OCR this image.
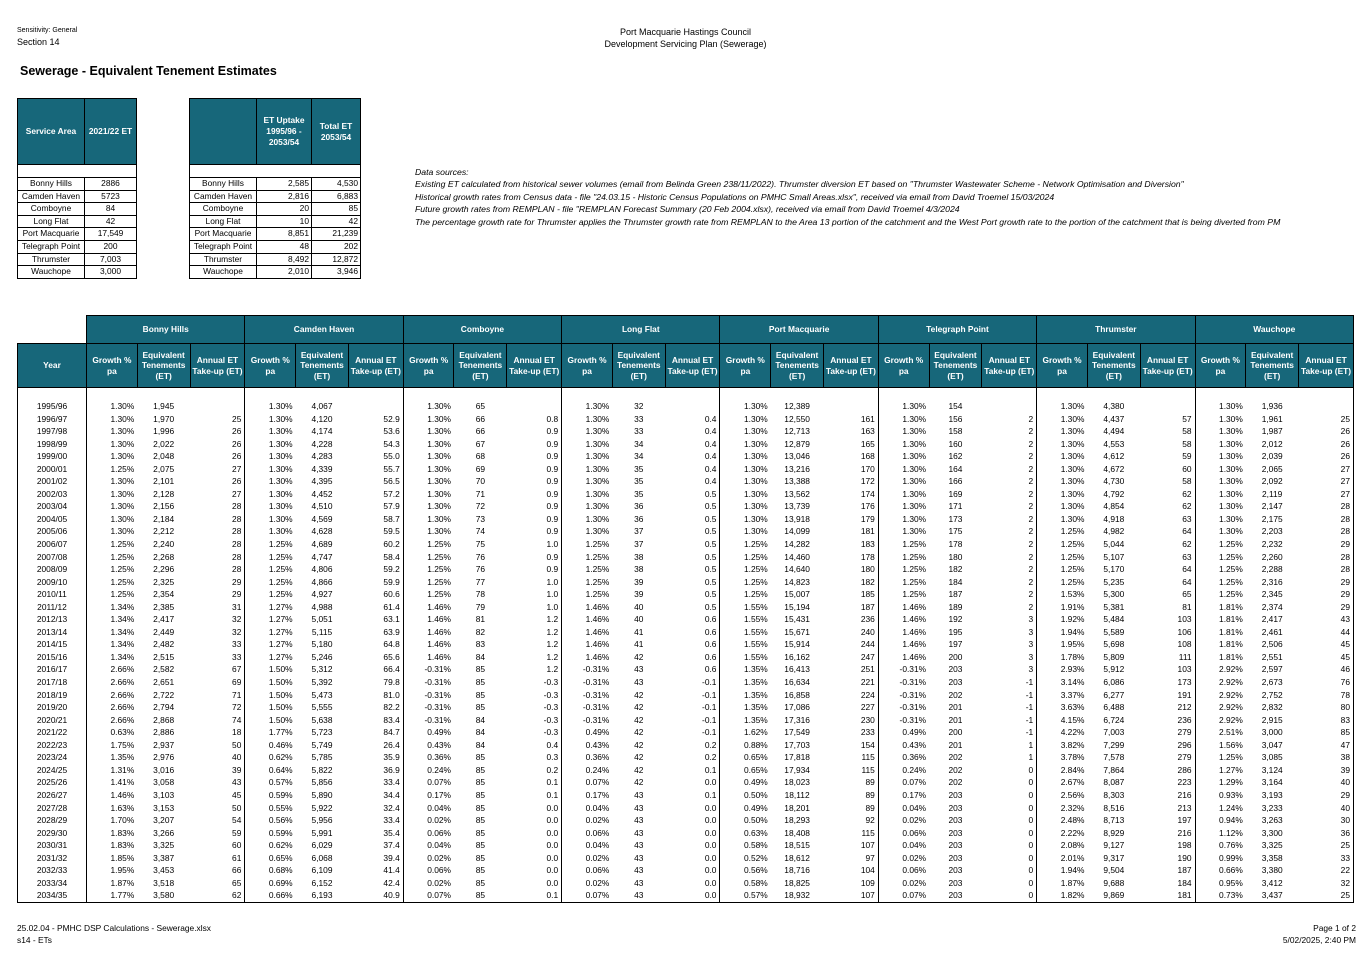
Sensitivity: General
Section 14
Port Macquarie Hastings Council
Development Servicing Plan (Sewerage)
Sewerage - Equivalent Tenement Estimates
Service Area	2021/22 ET

Bonny Hills	2886
Camden Haven	5723
Comboyne	84
Long Flat	42
Port Macquarie	17,549
Telegraph Point	200
Thrumster	7,003
Wauchope	3,000
	ET Uptake 1995/96 - 2053/54	Total ET 2053/54

Bonny Hills	2,585	4,530
Camden Haven	2,816	6,883
Comboyne	20	85
Long Flat	10	42
Port Macquarie	8,851	21,239
Telegraph Point	48	202
Thrumster	8,492	12,872
Wauchope	2,010	3,946
Data sources:
Existing ET calculated from historical sewer volumes (email from Belinda Green 238/11/2022). Thrumster diversion ET based on "Thrumster Wastewater Scheme - Network Optimisation and Diversion"
Historical growth rates from Census data - file "24.03.15 - Historic Census Populations on PMHC Small Areas.xlsx", received via email from David Troemel 15/03/2024
Future growth rates from REMPLAN - file "REMPLAN Forecast Summary (20 Feb 2004.xlsx), received via email from David Troemel 4/3/2024
The percentage growth rate for Thrumster applies the Thrumster growth rate from REMPLAN to the Area 13 portion of the catchment and the West Port growth rate to the portion of the catchment that is being diverted from PM
	Bonny Hills			Camden Haven			Comboyne			Long Flat			Port Macquarie			Telegraph Point			Thrumster			Wauchope		
Year	Growth % pa	Equivalent Tenements (ET)	Annual ET Take-up (ET)	Growth % pa	Equivalent Tenements (ET)	Annual ET Take-up (ET)	Growth % pa	Equivalent Tenements (ET)	Annual ET Take-up (ET)	Growth % pa	Equivalent Tenements (ET)	Annual ET Take-up (ET)	Growth % pa	Equivalent Tenements (ET)	Annual ET Take-up (ET)	Growth % pa	Equivalent Tenements (ET)	Annual ET Take-up (ET)	Growth % pa	Equivalent Tenements (ET)	Annual ET Take-up (ET)	Growth % pa	Equivalent Tenements (ET)	Annual ET Take-up (ET)

1995/96	1.30%	1,945		1.30%	4,067		1.30%	65		1.30%	32		1.30%	12,389		1.30%	154		1.30%	4,380		1.30%	1,936	
1996/97	1.30%	1,970	25	1.30%	4,120	52.9	1.30%	66	0.8	1.30%	33	0.4	1.30%	12,550	161	1.30%	156	2	1.30%	4,437	57	1.30%	1,961	25
1997/98	1.30%	1,996	26	1.30%	4,174	53.6	1.30%	66	0.9	1.30%	33	0.4	1.30%	12,713	163	1.30%	158	2	1.30%	4,494	58	1.30%	1,987	26
1998/99	1.30%	2,022	26	1.30%	4,228	54.3	1.30%	67	0.9	1.30%	34	0.4	1.30%	12,879	165	1.30%	160	2	1.30%	4,553	58	1.30%	2,012	26
1999/00	1.30%	2,048	26	1.30%	4,283	55.0	1.30%	68	0.9	1.30%	34	0.4	1.30%	13,046	168	1.30%	162	2	1.30%	4,612	59	1.30%	2,039	26
2000/01	1.25%	2,075	27	1.30%	4,339	55.7	1.30%	69	0.9	1.30%	35	0.4	1.30%	13,216	170	1.30%	164	2	1.30%	4,672	60	1.30%	2,065	27
2001/02	1.30%	2,101	26	1.30%	4,395	56.5	1.30%	70	0.9	1.30%	35	0.4	1.30%	13,388	172	1.30%	166	2	1.30%	4,730	58	1.30%	2,092	27
2002/03	1.30%	2,128	27	1.30%	4,452	57.2	1.30%	71	0.9	1.30%	35	0.5	1.30%	13,562	174	1.30%	169	2	1.30%	4,792	62	1.30%	2,119	27
2003/04	1.30%	2,156	28	1.30%	4,510	57.9	1.30%	72	0.9	1.30%	36	0.5	1.30%	13,739	176	1.30%	171	2	1.30%	4,854	62	1.30%	2,147	28
2004/05	1.30%	2,184	28	1.30%	4,569	58.7	1.30%	73	0.9	1.30%	36	0.5	1.30%	13,918	179	1.30%	173	2	1.30%	4,918	63	1.30%	2,175	28
2005/06	1.30%	2,212	28	1.30%	4,628	59.5	1.30%	74	0.9	1.30%	37	0.5	1.30%	14,099	181	1.30%	175	2	1.25%	4,982	64	1.30%	2,203	28
2006/07	1.25%	2,240	28	1.25%	4,689	60.2	1.25%	75	1.0	1.25%	37	0.5	1.25%	14,282	183	1.25%	178	2	1.25%	5,044	62	1.25%	2,232	29
2007/08	1.25%	2,268	28	1.25%	4,747	58.4	1.25%	76	0.9	1.25%	38	0.5	1.25%	14,460	178	1.25%	180	2	1.25%	5,107	63	1.25%	2,260	28
2008/09	1.25%	2,296	28	1.25%	4,806	59.2	1.25%	76	0.9	1.25%	38	0.5	1.25%	14,640	180	1.25%	182	2	1.25%	5,170	64	1.25%	2,288	28
2009/10	1.25%	2,325	29	1.25%	4,866	59.9	1.25%	77	1.0	1.25%	39	0.5	1.25%	14,823	182	1.25%	184	2	1.25%	5,235	64	1.25%	2,316	29
2010/11	1.25%	2,354	29	1.25%	4,927	60.6	1.25%	78	1.0	1.25%	39	0.5	1.25%	15,007	185	1.25%	187	2	1.53%	5,300	65	1.25%	2,345	29
2011/12	1.34%	2,385	31	1.27%	4,988	61.4	1.46%	79	1.0	1.46%	40	0.5	1.55%	15,194	187	1.46%	189	2	1.91%	5,381	81	1.81%	2,374	29
2012/13	1.34%	2,417	32	1.27%	5,051	63.1	1.46%	81	1.2	1.46%	40	0.6	1.55%	15,431	236	1.46%	192	3	1.92%	5,484	103	1.81%	2,417	43
2013/14	1.34%	2,449	32	1.27%	5,115	63.9	1.46%	82	1.2	1.46%	41	0.6	1.55%	15,671	240	1.46%	195	3	1.94%	5,589	106	1.81%	2,461	44
2014/15	1.34%	2,482	33	1.27%	5,180	64.8	1.46%	83	1.2	1.46%	41	0.6	1.55%	15,914	244	1.46%	197	3	1.95%	5,698	108	1.81%	2,506	45
2015/16	1.34%	2,515	33	1.27%	5,246	65.6	1.46%	84	1.2	1.46%	42	0.6	1.55%	16,162	247	1.46%	200	3	1.78%	5,809	111	1.81%	2,551	45
2016/17	2.66%	2,582	67	1.50%	5,312	66.4	-0.31%	85	1.2	-0.31%	43	0.6	1.35%	16,413	251	-0.31%	203	3	2.93%	5,912	103	2.92%	2,597	46
2017/18	2.66%	2,651	69	1.50%	5,392	79.8	-0.31%	85	-0.3	-0.31%	43	-0.1	1.35%	16,634	221	-0.31%	203	-1	3.14%	6,086	173	2.92%	2,673	76
2018/19	2.66%	2,722	71	1.50%	5,473	81.0	-0.31%	85	-0.3	-0.31%	42	-0.1	1.35%	16,858	224	-0.31%	202	-1	3.37%	6,277	191	2.92%	2,752	78
2019/20	2.66%	2,794	72	1.50%	5,555	82.2	-0.31%	85	-0.3	-0.31%	42	-0.1	1.35%	17,086	227	-0.31%	201	-1	3.63%	6,488	212	2.92%	2,832	80
2020/21	2.66%	2,868	74	1.50%	5,638	83.4	-0.31%	84	-0.3	-0.31%	42	-0.1	1.35%	17,316	230	-0.31%	201	-1	4.15%	6,724	236	2.92%	2,915	83
2021/22	0.63%	2,886	18	1.77%	5,723	84.7	0.49%	84	-0.3	0.49%	42	-0.1	1.62%	17,549	233	0.49%	200	-1	4.22%	7,003	279	2.51%	3,000	85
2022/23	1.75%	2,937	50	0.46%	5,749	26.4	0.43%	84	0.4	0.43%	42	0.2	0.88%	17,703	154	0.43%	201	1	3.82%	7,299	296	1.56%	3,047	47
2023/24	1.35%	2,976	40	0.62%	5,785	35.9	0.36%	85	0.3	0.36%	42	0.2	0.65%	17,818	115	0.36%	202	1	3.78%	7,578	279	1.25%	3,085	38
2024/25	1.31%	3,016	39	0.64%	5,822	36.9	0.24%	85	0.2	0.24%	42	0.1	0.65%	17,934	115	0.24%	202	0	2.84%	7,864	286	1.27%	3,124	39
2025/26	1.41%	3,058	43	0.57%	5,856	33.4	0.07%	85	0.1	0.07%	42	0.0	0.49%	18,023	89	0.07%	202	0	2.67%	8,087	223	1.29%	3,164	40
2026/27	1.46%	3,103	45	0.59%	5,890	34.4	0.17%	85	0.1	0.17%	43	0.1	0.50%	18,112	89	0.17%	203	0	2.56%	8,303	216	0.93%	3,193	29
2027/28	1.63%	3,153	50	0.55%	5,922	32.4	0.04%	85	0.0	0.04%	43	0.0	0.49%	18,201	89	0.04%	203	0	2.32%	8,516	213	1.24%	3,233	40
2028/29	1.70%	3,207	54	0.56%	5,956	33.4	0.02%	85	0.0	0.02%	43	0.0	0.50%	18,293	92	0.02%	203	0	2.48%	8,713	197	0.94%	3,263	30
2029/30	1.83%	3,266	59	0.59%	5,991	35.4	0.06%	85	0.0	0.06%	43	0.0	0.63%	18,408	115	0.06%	203	0	2.22%	8,929	216	1.12%	3,300	36
2030/31	1.83%	3,325	60	0.62%	6,029	37.4	0.04%	85	0.0	0.04%	43	0.0	0.58%	18,515	107	0.04%	203	0	2.08%	9,127	198	0.76%	3,325	25
2031/32	1.85%	3,387	61	0.65%	6,068	39.4	0.02%	85	0.0	0.02%	43	0.0	0.52%	18,612	97	0.02%	203	0	2.01%	9,317	190	0.99%	3,358	33
2032/33	1.95%	3,453	66	0.68%	6,109	41.4	0.06%	85	0.0	0.06%	43	0.0	0.56%	18,716	104	0.06%	203	0	1.94%	9,504	187	0.66%	3,380	22
2033/34	1.87%	3,518	65	0.69%	6,152	42.4	0.02%	85	0.0	0.02%	43	0.0	0.58%	18,825	109	0.02%	203	0	1.87%	9,688	184	0.95%	3,412	32
2034/35	1.77%	3,580	62	0.66%	6,193	40.9	0.07%	85	0.1	0.07%	43	0.0	0.57%	18,932	107	0.07%	203	0	1.82%	9,869	181	0.73%	3,437	25
25.02.04 - PMHC DSP Calculations - Sewerage.xlsx
s14 - ETs
Page 1 of 2
5/02/2025, 2:40 PM
